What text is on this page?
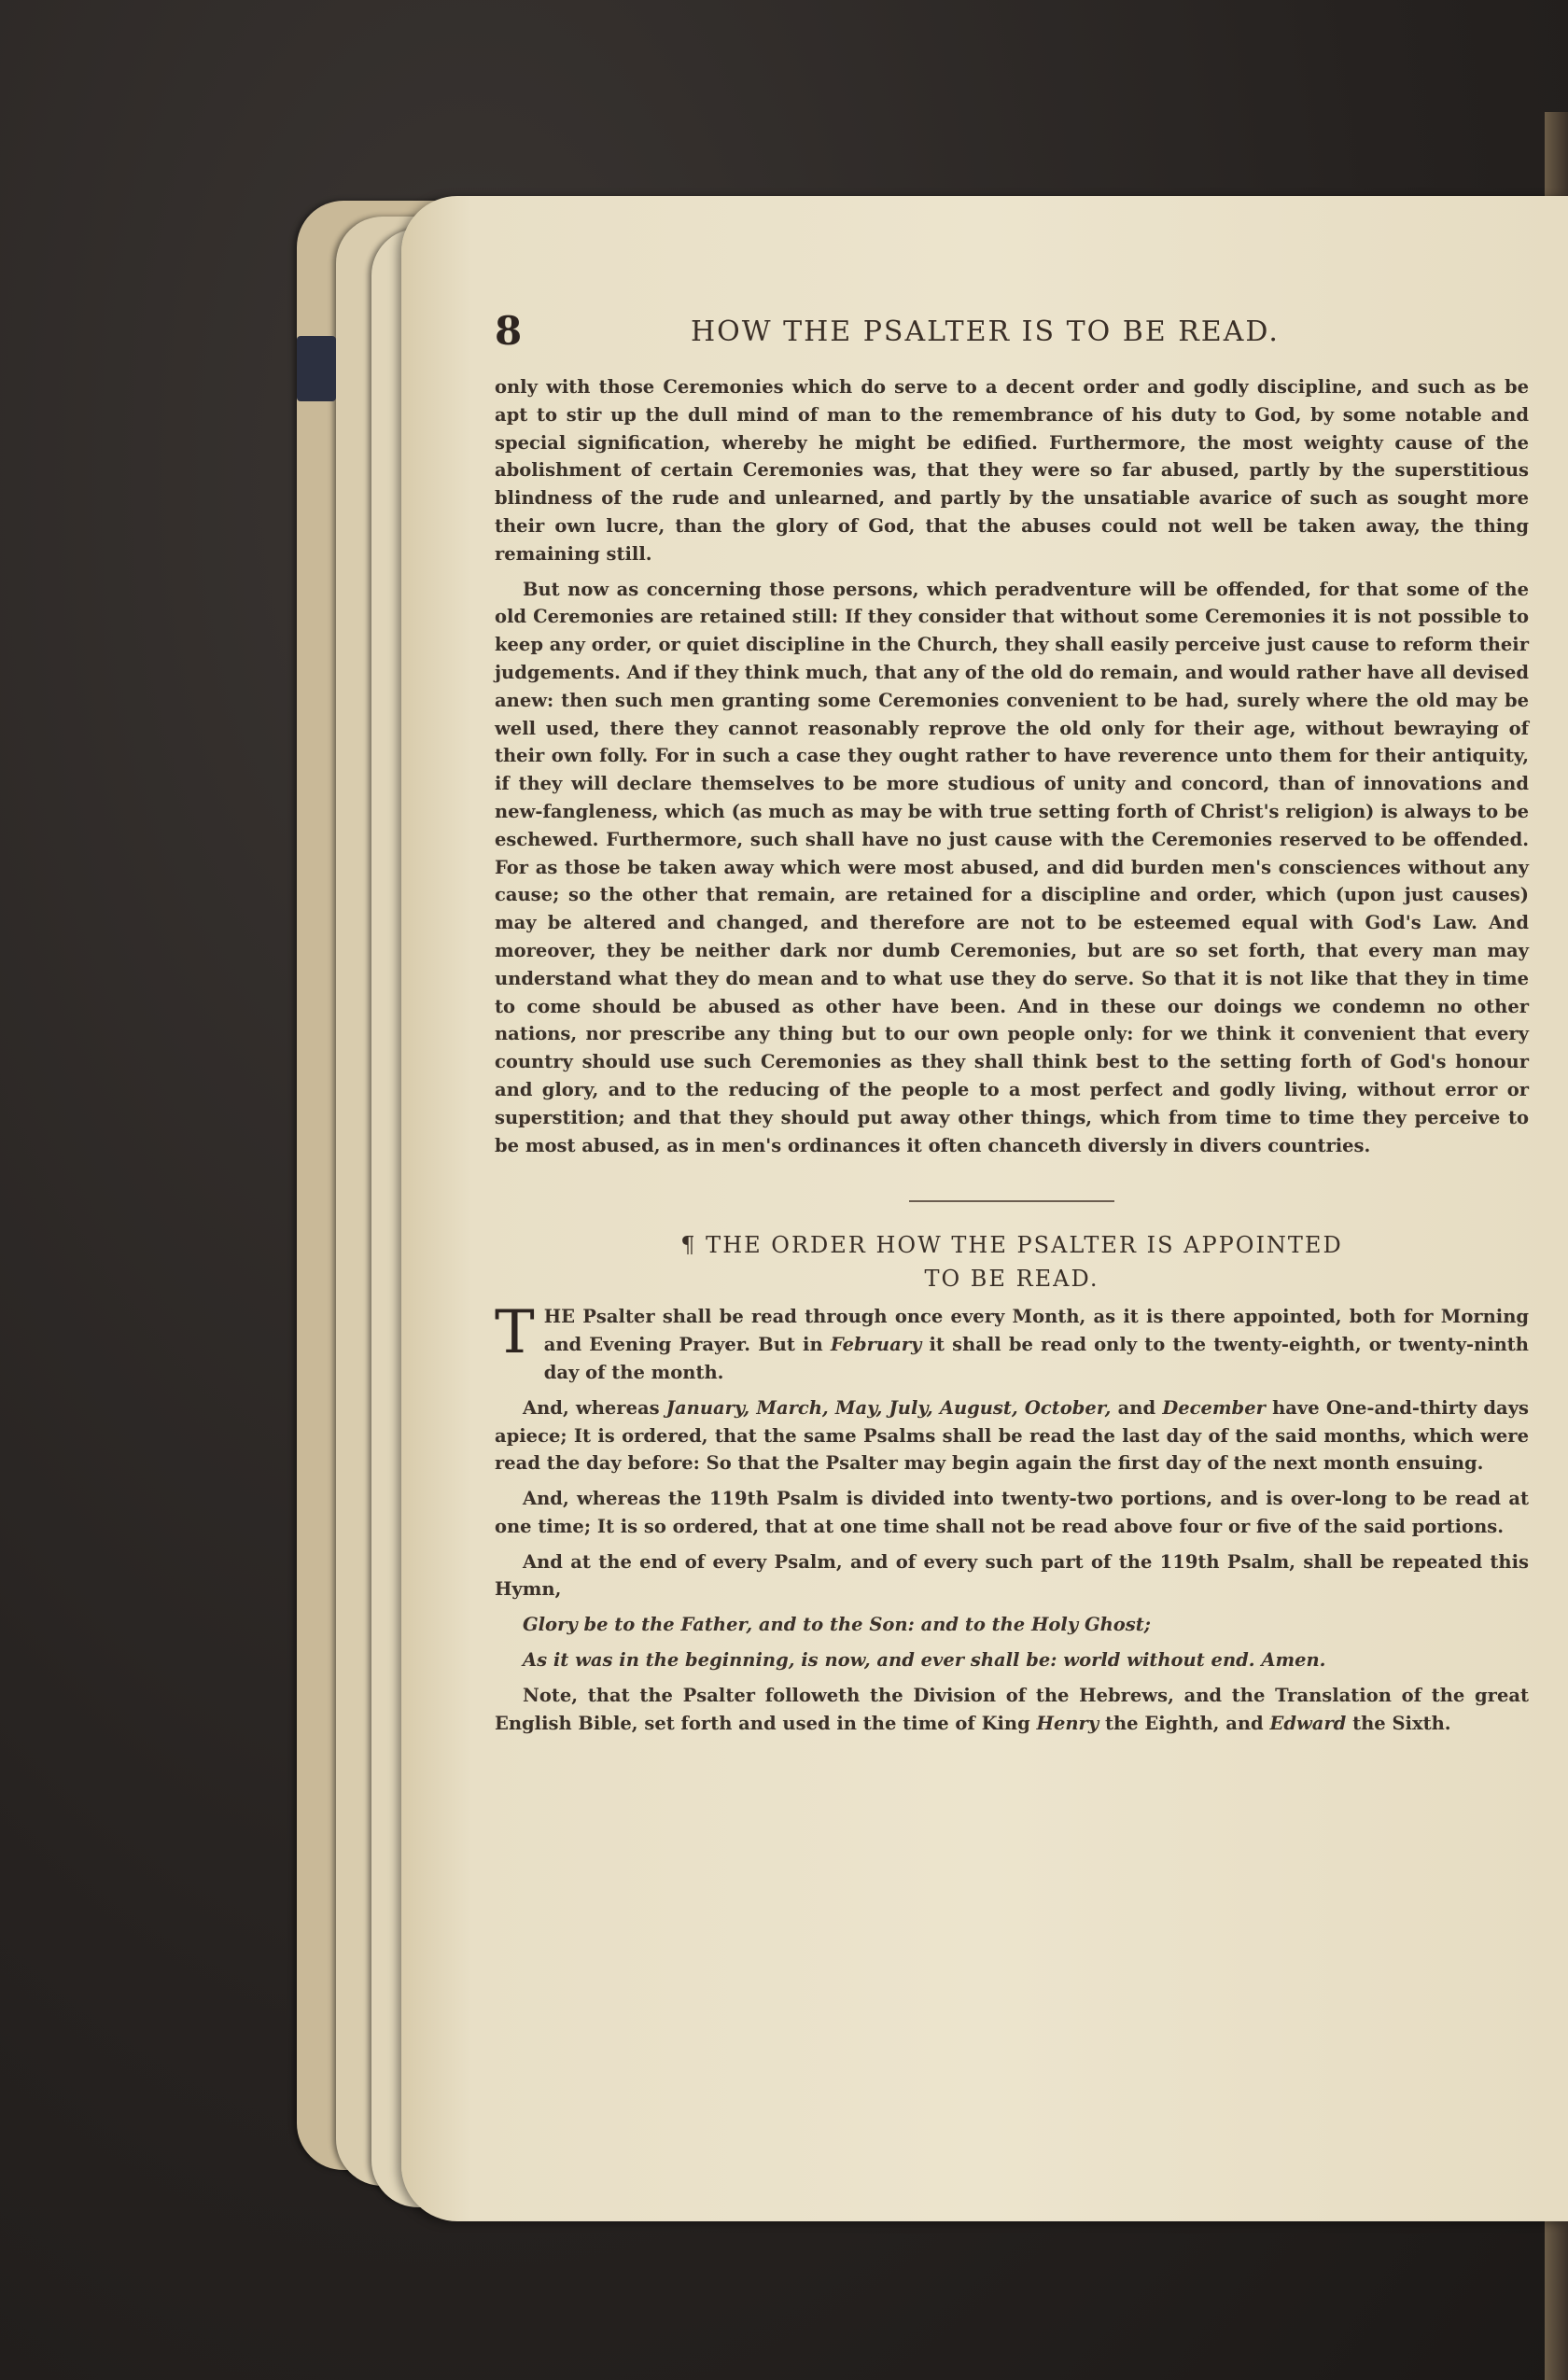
8	HOW THE PSALTER IS TO BE READ.

only with those Ceremonies which do serve to a decent order and godly discipline, and such as be apt to stir up the dull mind of man to the remembrance of his duty to God, by some notable and special signification, whereby he might be edified. Furthermore, the most weighty cause of the abolishment of certain Ceremonies was, that they were so far abused, partly by the superstitious blindness of the rude and unlearned, and partly by the unsatiable avarice of such as sought more their own lucre, than the glory of God, that the abuses could not well be taken away, the thing remaining still.

But now as concerning those persons, which peradventure will be offended, for that some of the old Ceremonies are retained still: If they consider that without some Ceremonies it is not possible to keep any order, or quiet discipline in the Church, they shall easily perceive just cause to reform their judgements. And if they think much, that any of the old do remain, and would rather have all devised anew: then such men granting some Ceremonies convenient to be had, surely where the old may be well used, there they cannot reasonably reprove the old only for their age, without bewraying of their own folly. For in such a case they ought rather to have reverence unto them for their antiquity, if they will declare themselves to be more studious of unity and concord, than of innovations and new-fangleness, which (as much as may be with true setting forth of Christ's religion) is always to be eschewed. Furthermore, such shall have no just cause with the Ceremonies reserved to be offended. For as those be taken away which were most abused, and did burden men's consciences without any cause; so the other that remain, are retained for a discipline and order, which (upon just causes) may be altered and changed, and therefore are not to be esteemed equal with God's Law. And moreover, they be neither dark nor dumb Ceremonies, but are so set forth, that every man may understand what they do mean and to what use they do serve. So that it is not like that they in time to come should be abused as other have been. And in these our doings we condemn no other nations, nor prescribe any thing but to our own people only: for we think it convenient that every country should use such Ceremonies as they shall think best to the setting forth of God's honour and glory, and to the reducing of the people to a most perfect and godly living, without error or superstition; and that they should put away other things, which from time to time they perceive to be most abused, as in men's ordinances it often chanceth diversly in divers countries.

¶ THE ORDER HOW THE PSALTER IS APPOINTED
TO BE READ.

THE Psalter shall be read through once every Month, as it is there appointed, both for Morning and Evening Prayer. But in February it shall be read only to the twenty-eighth, or twenty-ninth day of the month.

And, whereas January, March, May, July, August, October, and December have One-and-thirty days apiece; It is ordered, that the same Psalms shall be read the last day of the said months, which were read the day before: So that the Psalter may begin again the first day of the next month ensuing.

And, whereas the 119th Psalm is divided into twenty-two portions, and is over-long to be read at one time; It is so ordered, that at one time shall not be read above four or five of the said portions.

And at the end of every Psalm, and of every such part of the 119th Psalm, shall be repeated this Hymn,

Glory be to the Father, and to the Son: and to the Holy Ghost;

As it was in the beginning, is now, and ever shall be: world without end. Amen.

Note, that the Psalter followeth the Division of the Hebrews, and the Translation of the great English Bible, set forth and used in the time of King Henry the Eighth, and Edward the Sixth.
